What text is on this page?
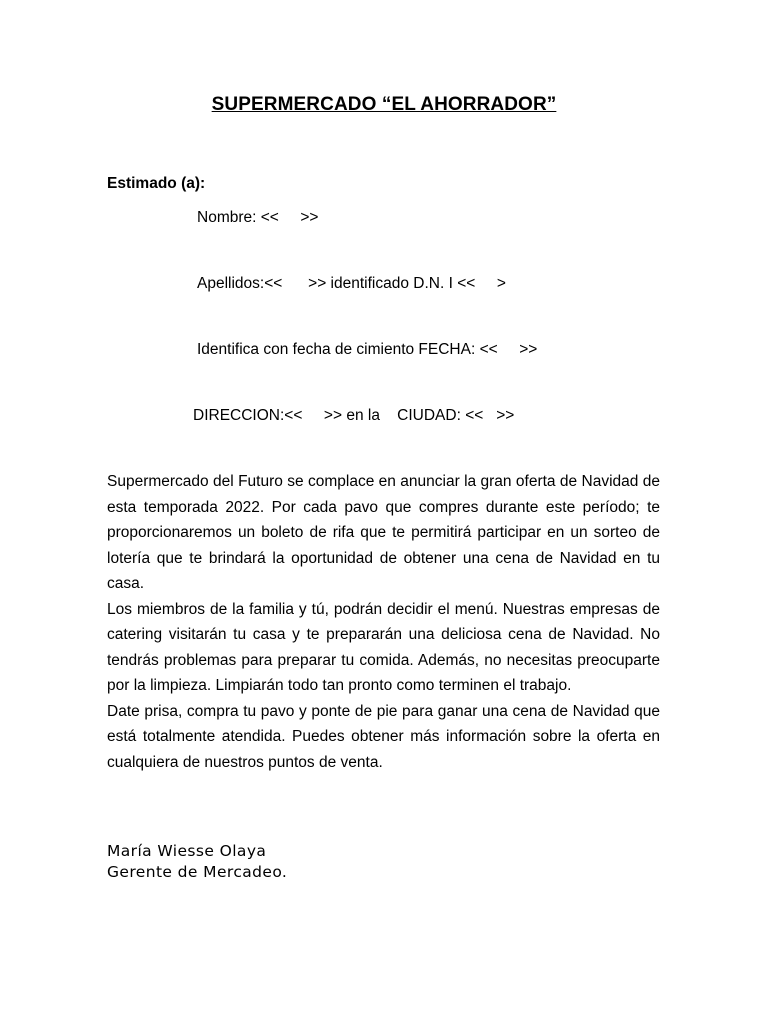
SUPERMERCADO “EL AHORRADOR”
Estimado (a):
Nombre: <<     >>
Apellidos:<<      >> identificado D.N. I <<     >
Identifica con fecha de cimiento FECHA: <<     >>
DIRECCION:<<     >> en la    CIUDAD: <<   >>

Supermercado del Futuro se complace en anunciar la gran oferta de Navidad de esta temporada 2022. Por cada pavo que compres durante este período; te proporcionaremos un boleto de rifa que te permitirá participar en un sorteo de lotería que te brindará la oportunidad de obtener una cena de Navidad en tu casa.

Los miembros de la familia y tú, podrán decidir el menú. Nuestras empresas de catering visitarán tu casa y te prepararán una deliciosa cena de Navidad. No tendrás problemas para preparar tu comida. Además, no necesitas preocuparte por la limpieza. Limpiarán todo tan pronto como terminen el trabajo.

Date prisa, compra tu pavo y ponte de pie para ganar una cena de Navidad que está totalmente atendida. Puedes obtener más información sobre la oferta en cualquiera de nuestros puntos de venta.

María Wiesse Olaya
Gerente de Mercadeo.
